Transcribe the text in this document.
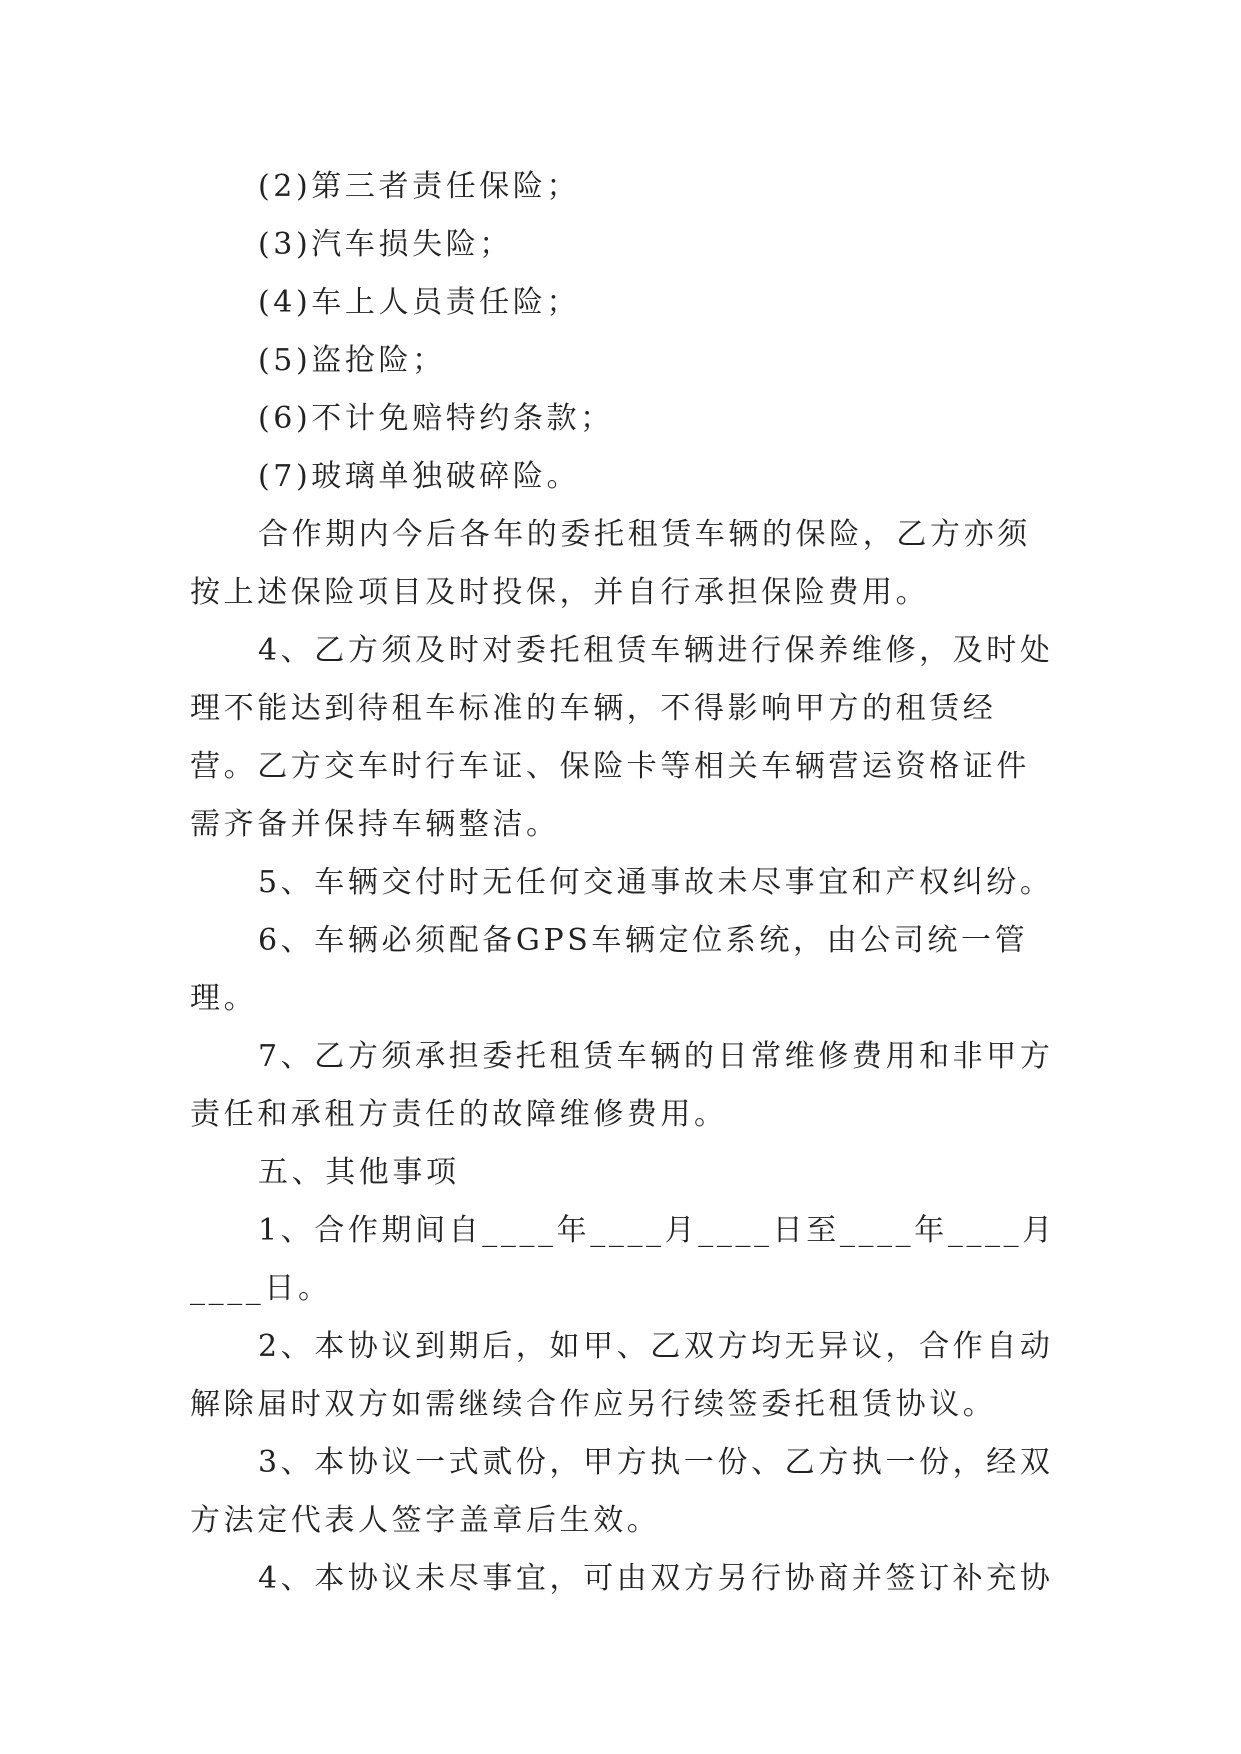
(2)第三者责任保险；

(3)汽车损失险；

(4)车上人员责任险；

(5)盗抢险；

(6)不计免赔特约条款；

(7)玻璃单独破碎险。

合作期内今后各年的委托租赁车辆的保险，乙方亦须按上述保险项目及时投保，并自行承担保险费用。

4、乙方须及时对委托租赁车辆进行保养维修，及时处理不能达到待租车标准的车辆，不得影响甲方的租赁经营。乙方交车时行车证、保险卡等相关车辆营运资格证件需齐备并保持车辆整洁。

5、车辆交付时无任何交通事故未尽事宜和产权纠纷。

6、车辆必须配备GPS车辆定位系统，由公司统一管理。

7、乙方须承担委托租赁车辆的日常维修费用和非甲方责任和承租方责任的故障维修费用。

五、其他事项

1、合作期间自____年____月____日至____年____月____日。

2、本协议到期后，如甲、乙双方均无异议，合作自动解除届时双方如需继续合作应另行续签委托租赁协议。

3、本协议一式贰份，甲方执一份、乙方执一份，经双方法定代表人签字盖章后生效。

4、本协议未尽事宜，可由双方另行协商并签订补充协
